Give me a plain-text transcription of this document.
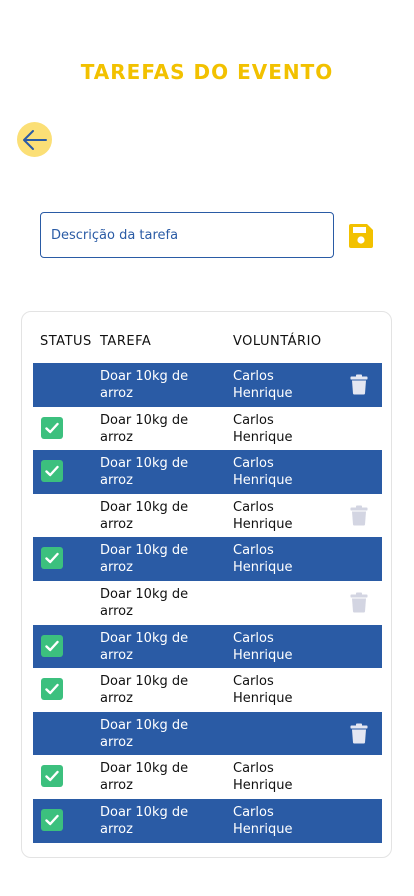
TAREFAS DO EVENTO
Descrição da tarefa
STATUS TAREFA	VOLUNTÁRIO
Doar 10kg de arroz
Carlos Henrique
Doar 10kg de arroz
Carlos Henrique
Doar 10kg de arroz
Carlos Henrique
Doar 10kg de arroz
Carlos Henrique
Doar 10kg de arroz
Carlos Henrique
Doar 10kg de arroz
Doar 10kg de arroz
Carlos Henrique
Doar 10kg de arroz
Carlos Henrique
Doar 10kg de arroz
Doar 10kg de arroz
Carlos Henrique
Doar 10kg de arroz
Carlos Henrique
